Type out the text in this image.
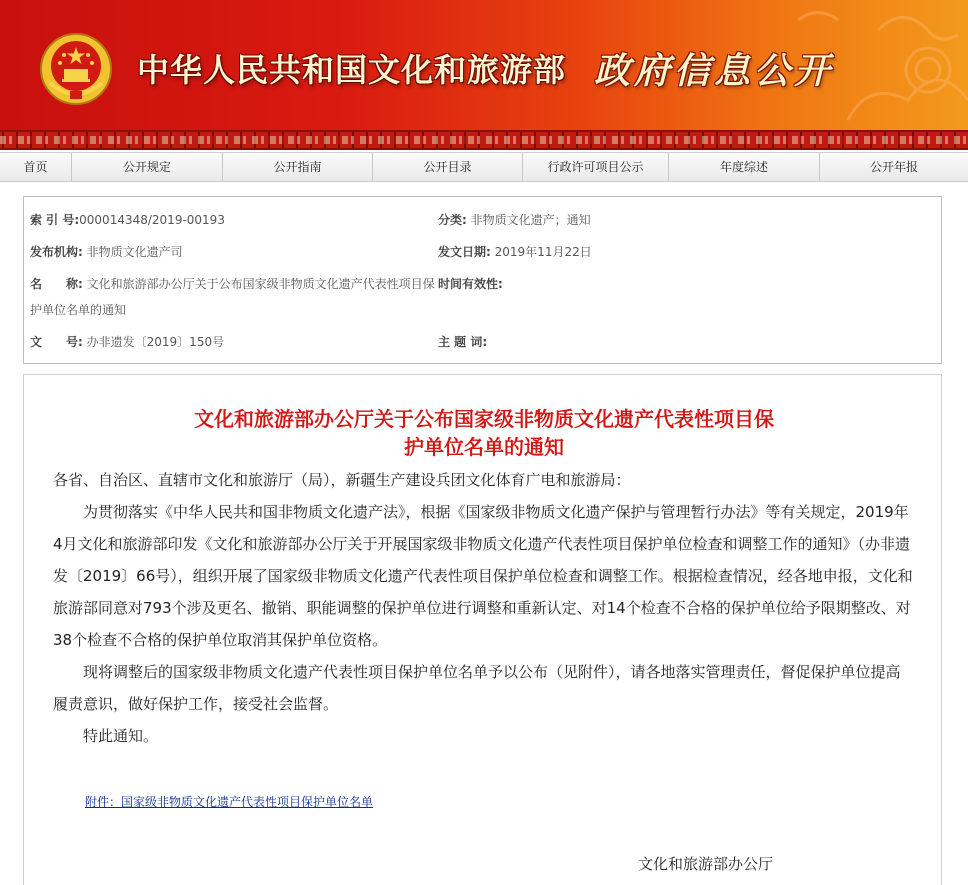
中华人民共和国文化和旅游部 政府信息公开
首页	公开规定	公开指南	公开目录	行政许可项目公示	年度综述	公开年报
索 引 号:000014348/2019-00193	分类: 非物质文化遗产；通知
发布机构: 非物质文化遗产司	发文日期: 2019年11月22日
名　　称: 文化和旅游部办公厅关于公布国家级非物质文化遗产代表性项目保
护单位名单的通知
时间有效性:
文　　号: 办非遗发〔2019〕150号	主 题 词:
文化和旅游部办公厅关于公布国家级非物质文化遗产代表性项目保
护单位名单的通知
各省、自治区、直辖市文化和旅游厅（局），新疆生产建设兵团文化体育广电和旅游局：
　　为贯彻落实《中华人民共和国非物质文化遗产法》，根据《国家级非物质文化遗产保护与管理暂行办法》等有关规定，2019年4月文化和旅游部印发《文化和旅游部办公厅关于开展国家级非物质文化遗产代表性项目保护单位检查和调整工作的通知》（办非遗发〔2019〕66号），组织开展了国家级非物质文化遗产代表性项目保护单位检查和调整工作。根据检查情况，经各地申报，文化和旅游部同意对793个涉及更名、撤销、职能调整的保护单位进行调整和重新认定、对14个检查不合格的保护单位给予限期整改、对38个检查不合格的保护单位取消其保护单位资格。
　　现将调整后的国家级非物质文化遗产代表性项目保护单位名单予以公布（见附件），请各地落实管理责任，督促保护单位提高履责意识，做好保护工作，接受社会监督。
　　特此通知。
附件：国家级非物质文化遗产代表性项目保护单位名单
文化和旅游部办公厅
